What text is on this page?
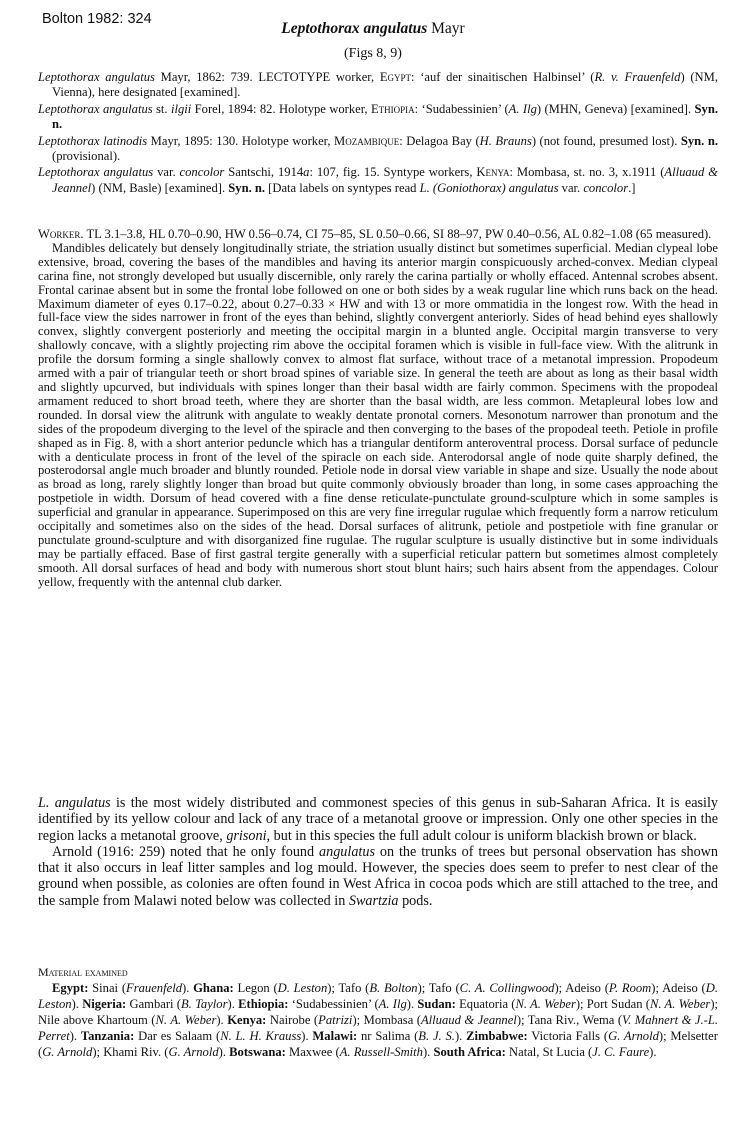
Bolton 1982: 324
Leptothorax angulatus Mayr
(Figs 8, 9)

Leptothorax angulatus Mayr, 1862: 739. LECTOTYPE worker, Egypt: ‘auf der sinaitischen Halbinsel’ (R. v. Frauenfeld) (NM, Vienna), here designated [examined].

Leptothorax angulatus st. ilgii Forel, 1894: 82. Holotype worker, Ethiopia: ‘Sudabessinien’ (A. Ilg) (MHN, Geneva) [examined]. Syn. n.

Leptothorax latinodis Mayr, 1895: 130. Holotype worker, Mozambique: Delagoa Bay (H. Brauns) (not found, presumed lost). Syn. n. (provisional).

Leptothorax angulatus var. concolor Santschi, 1914a: 107, fig. 15. Syntype workers, Kenya: Mombasa, st. no. 3, x.1911 (Alluaud & Jeannel) (NM, Basle) [examined]. Syn. n. [Data labels on syntypes read L. (Goniothorax) angulatus var. concolor.]

Worker. TL 3.1–3.8, HL 0.70–0.90, HW 0.56–0.74, CI 75–85, SL 0.50–0.66, SI 88–97, PW 0.40–0.56, AL 0.82–1.08 (65 measured).

Mandibles delicately but densely longitudinally striate, the striation usually distinct but sometimes superficial. Median clypeal lobe extensive, broad, covering the bases of the mandibles and having its anterior margin conspicuously arched-convex. Median clypeal carina fine, not strongly developed but usually discernible, only rarely the carina partially or wholly effaced. Antennal scrobes absent. Frontal carinae absent but in some the frontal lobe followed on one or both sides by a weak rugular line which runs back on the head. Maximum diameter of eyes 0.17–0.22, about 0.27–0.33 × HW and with 13 or more ommatidia in the longest row. With the head in full-face view the sides narrower in front of the eyes than behind, slightly convergent anteriorly. Sides of head behind eyes shallowly convex, slightly convergent posteriorly and meeting the occipital margin in a blunted angle. Occipital margin transverse to very shallowly concave, with a slightly projecting rim above the occipital foramen which is visible in full-face view. With the alitrunk in profile the dorsum forming a single shallowly convex to almost flat surface, without trace of a metanotal impression. Propodeum armed with a pair of triangular teeth or short broad spines of variable size. In general the teeth are about as long as their basal width and slightly upcurved, but individuals with spines longer than their basal width are fairly common. Specimens with the propodeal armament reduced to short broad teeth, where they are shorter than the basal width, are less common. Metapleural lobes low and rounded. In dorsal view the alitrunk with angulate to weakly dentate pronotal corners. Mesonotum narrower than pronotum and the sides of the propodeum diverging to the level of the spiracle and then converging to the bases of the propodeal teeth. Petiole in profile shaped as in Fig. 8, with a short anterior peduncle which has a triangular dentiform anteroventral process. Dorsal surface of peduncle with a denticulate process in front of the level of the spiracle on each side. Anterodorsal angle of node quite sharply defined, the posterodorsal angle much broader and bluntly rounded. Petiole node in dorsal view variable in shape and size. Usually the node about as broad as long, rarely slightly longer than broad but quite commonly obviously broader than long, in some cases approaching the postpetiole in width. Dorsum of head covered with a fine dense reticulate-punctulate ground-sculpture which in some samples is superficial and granular in appearance. Superimposed on this are very fine irregular rugulae which frequently form a narrow reticulum occipitally and sometimes also on the sides of the head. Dorsal surfaces of alitrunk, petiole and postpetiole with fine granular or punctulate ground-sculpture and with disorganized fine rugulae. The rugular sculpture is usually distinctive but in some individuals may be partially effaced. Base of first gastral tergite generally with a superficial reticular pattern but sometimes almost completely smooth. All dorsal surfaces of head and body with numerous short stout blunt hairs; such hairs absent from the appendages. Colour yellow, frequently with the antennal club darker.

L. angulatus is the most widely distributed and commonest species of this genus in sub-Saharan Africa. It is easily identified by its yellow colour and lack of any trace of a metanotal groove or impression. Only one other species in the region lacks a metanotal groove, grisoni, but in this species the full adult colour is uniform blackish brown or black.

Arnold (1916: 259) noted that he only found angulatus on the trunks of trees but personal observation has shown that it also occurs in leaf litter samples and log mould. However, the species does seem to prefer to nest clear of the ground when possible, as colonies are often found in West Africa in cocoa pods which are still attached to the tree, and the sample from Malawi noted below was collected in Swartzia pods.

Material examined

Egypt: Sinai (Frauenfeld). Ghana: Legon (D. Leston); Tafo (B. Bolton); Tafo (C. A. Collingwood); Adeiso (P. Room); Adeiso (D. Leston). Nigeria: Gambari (B. Taylor). Ethiopia: ‘Sudabessinien’ (A. Ilg). Sudan: Equatoria (N. A. Weber); Port Sudan (N. A. Weber); Nile above Khartoum (N. A. Weber). Kenya: Nairobe (Patrizi); Mombasa (Alluaud & Jeannel); Tana Riv., Wema (V. Mahnert & J.-L. Perret). Tanzania: Dar es Salaam (N. L. H. Krauss). Malawi: nr Salima (B. J. S.). Zimbabwe: Victoria Falls (G. Arnold); Melsetter (G. Arnold); Khami Riv. (G. Arnold). Botswana: Maxwee (A. Russell-Smith). South Africa: Natal, St Lucia (J. C. Faure).
